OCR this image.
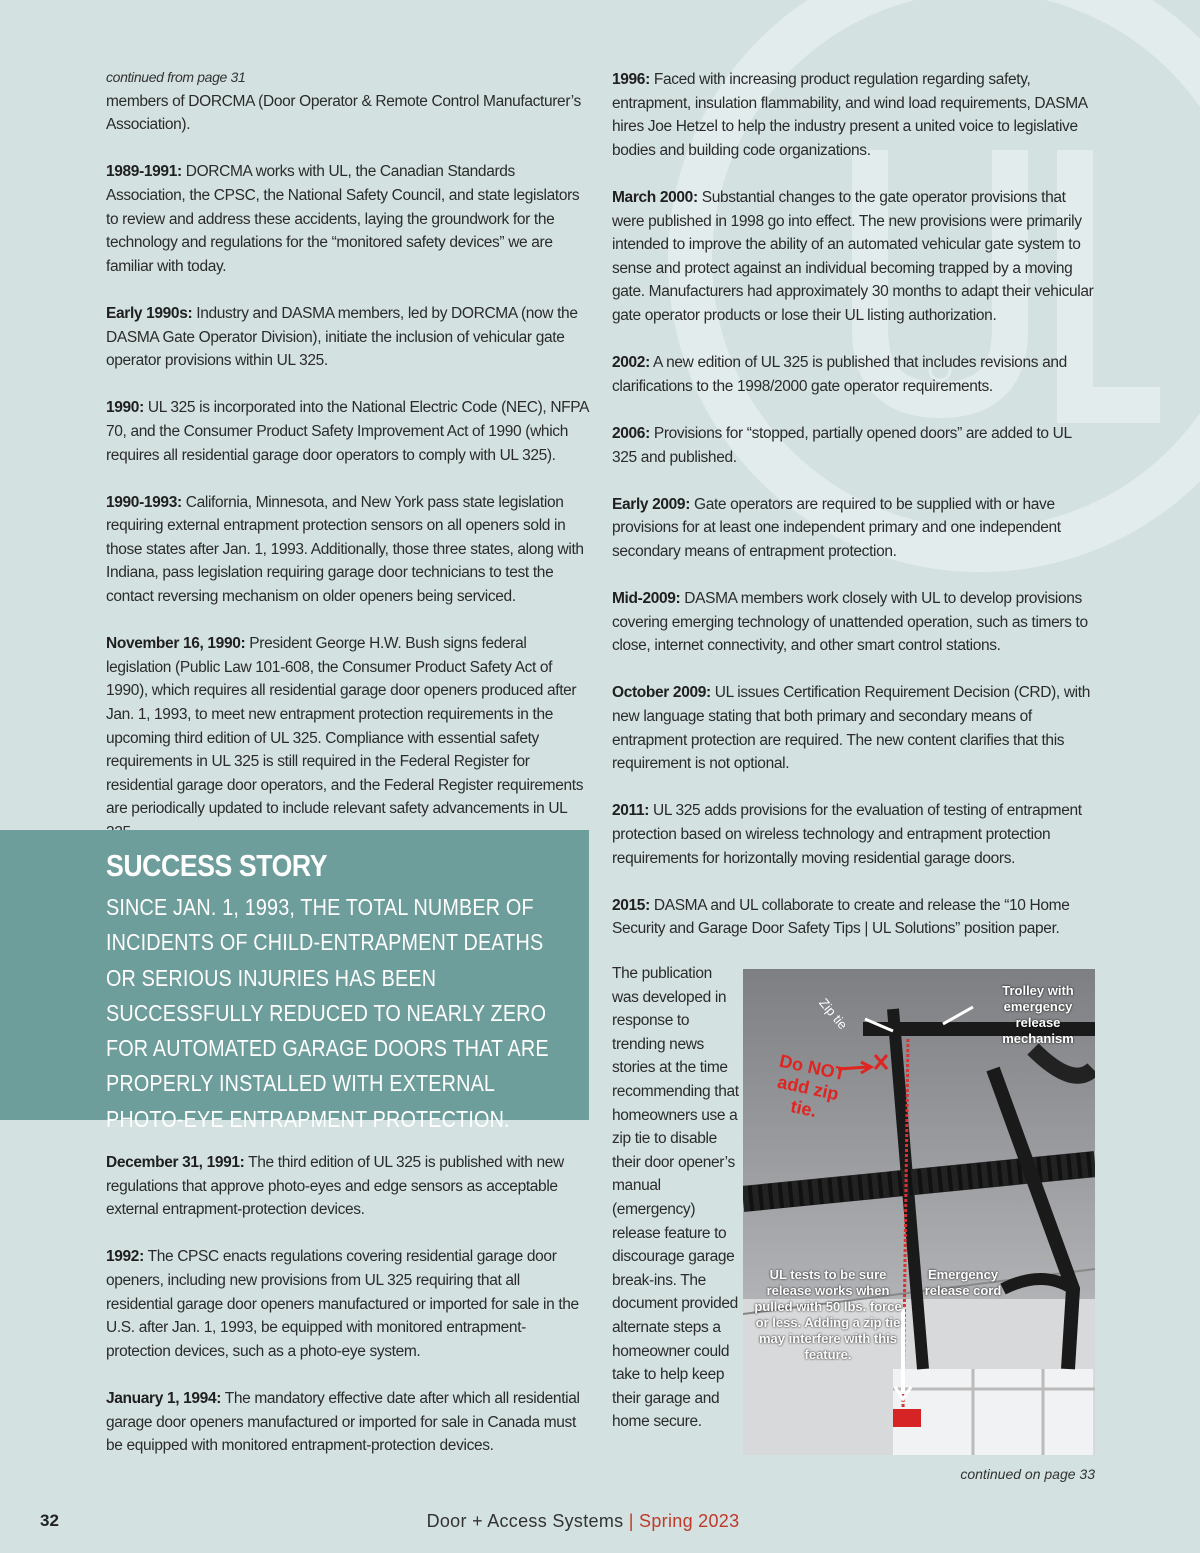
continued from page 31
members of DORCMA (Door Operator & Remote Control Manufacturer’s Association).
1989-1991: DORCMA works with UL, the Canadian Standards Association, the CPSC, the National Safety Council, and state legislators to review and address these accidents, laying the groundwork for the technology and regulations for the “monitored safety devices” we are familiar with today.
Early 1990s: Industry and DASMA members, led by DORCMA (now the DASMA Gate Operator Division), initiate the inclusion of vehicular gate operator provisions within UL 325.
1990: UL 325 is incorporated into the National Electric Code (NEC), NFPA 70, and the Consumer Product Safety Improvement Act of 1990 (which requires all residential garage door operators to comply with UL 325).
1990-1993: California, Minnesota, and New York pass state legislation requiring external entrapment protection sensors on all openers sold in those states after Jan. 1, 1993. Additionally, those three states, along with Indiana, pass legislation requiring garage door technicians to test the contact reversing mechanism on older openers being serviced.
November 16, 1990: President George H.W. Bush signs federal legislation (Public Law 101-608, the Consumer Product Safety Act of 1990), which requires all residential garage door openers produced after Jan. 1, 1993, to meet new entrapment protection requirements in the upcoming third edition of UL 325. Compliance with essential safety requirements in UL 325 is still required in the Federal Register for residential garage door operators, and the Federal Register requirements are periodically updated to include relevant safety advancements in UL
SUCCESS STORY

SINCE JAN. 1, 1993, THE TOTAL NUMBER OF INCIDENTS OF CHILD-ENTRAPMENT DEATHS OR SERIOUS INJURIES HAS BEEN SUCCESSFULLY REDUCED TO NEARLY ZERO FOR AUTOMATED GARAGE DOORS THAT ARE PROPERLY INSTALLED WITH EXTERNAL PHOTO-EYE ENTRAPMENT PROTECTION.

December 31, 1991: The third edition of UL 325 is published with new regulations that approve photo-eyes and edge sensors as acceptable external entrapment-protection devices.
1992: The CPSC enacts regulations covering residential garage door openers, including new provisions from UL 325 requiring that all residential garage door openers manufactured or imported for sale in the U.S. after Jan. 1, 1993, be equipped with monitored entrapment-protection devices, such as a photo-eye system.
January 1, 1994: The mandatory effective date after which all residential garage door openers manufactured or imported for sale in Canada must be equipped with monitored entrapment-protection devices.
1996: Faced with increasing product regulation regarding safety, entrapment, insulation flammability, and wind load requirements, DASMA hires Joe Hetzel to help the industry present a united voice to legislative bodies and building code organizations.
March 2000: Substantial changes to the gate operator provisions that were published in 1998 go into effect. The new provisions were primarily intended to improve the ability of an automated vehicular gate system to sense and protect against an individual becoming trapped by a moving gate. Manufacturers had approximately 30 months to adapt their vehicular gate operator products or lose their UL listing authorization.
2002: A new edition of UL 325 is published that includes revisions and clarifications to the 1998/2000 gate operator requirements.
2006: Provisions for “stopped, partially opened doors” are added to UL 325 and published.
Early 2009: Gate operators are required to be supplied with or have provisions for at least one independent primary and one independent secondary means of entrapment protection.
Mid-2009: DASMA members work closely with UL to develop provisions covering emerging technology of unattended operation, such as timers to close, internet connectivity, and other smart control stations.
October 2009: UL issues Certification Requirement Decision (CRD), with new language stating that both primary and secondary means of entrapment protection are required. The new content clarifies that this requirement is not optional.
2011: UL 325 adds provisions for the evaluation of testing of entrapment protection based on wireless technology and entrapment protection requirements for horizontally moving residential garage doors.
2015: DASMA and UL collaborate to create and release the “10 Home Security and Garage Door Safety Tips | UL Solutions” position paper.
The publication was developed in response to trending news stories at the time recommending that homeowners use a zip tie to disable their door opener’s manual (emergency) release feature to discourage garage break-ins. The document provided alternate steps a homeowner could take to help keep their garage and home secure.
Zip tie
Trolley with emergency release mechanism
Do NOT add zip tie.
UL tests to be sure release works when pulled with 50 lbs. force or less. Adding a zip tie may interfere with this feature.
Emergency release cord
continued on page 33
32	Door + Access Systems | Spring 2023
